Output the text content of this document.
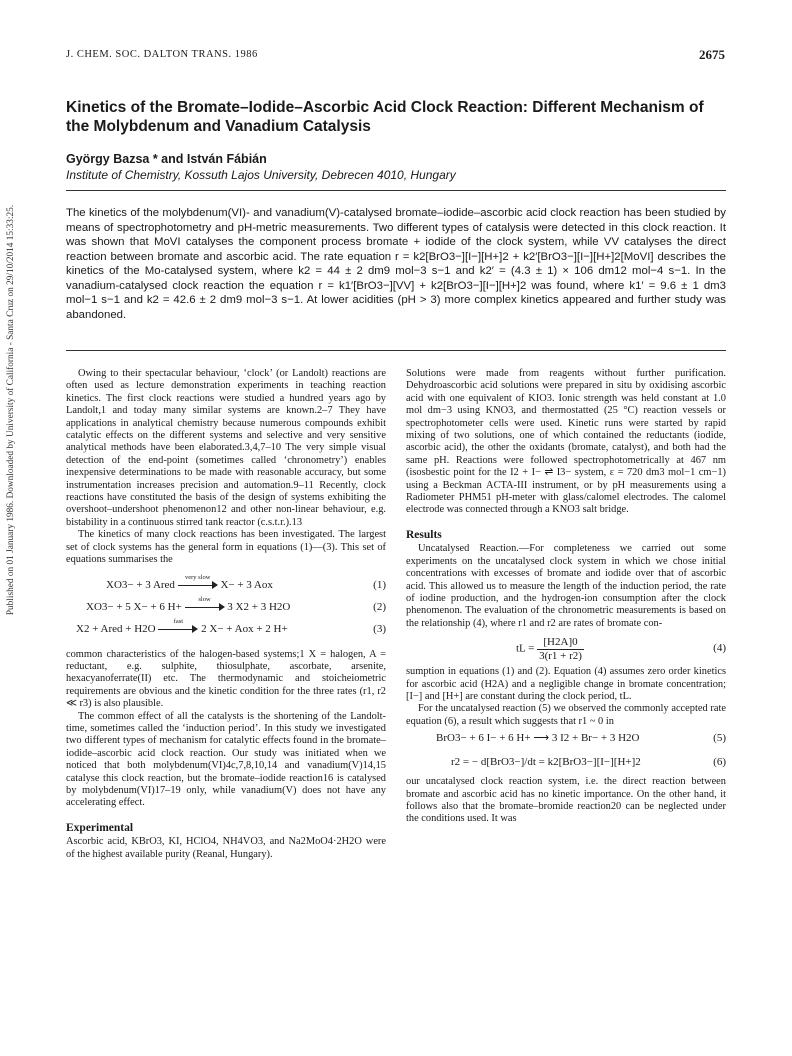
Published on 01 January 1986. Downloaded by University of California - Santa Cruz on 29/10/2014 15:33:25.
J. CHEM. SOC. DALTON TRANS. 1986	2675
Kinetics of the Bromate–Iodide–Ascorbic Acid Clock Reaction: Different Mechanism of the Molybdenum and Vanadium Catalysis
György Bazsa * and István Fábián
Institute of Chemistry, Kossuth Lajos University, Debrecen 4010, Hungary
The kinetics of the molybdenum(VI)- and vanadium(V)-catalysed bromate–iodide–ascorbic acid clock reaction has been studied by means of spectrophotometry and pH-metric measurements. Two different types of catalysis were detected in this clock reaction. It was shown that MoVI catalyses the component process bromate + iodide of the clock system, while VV catalyses the direct reaction between bromate and ascorbic acid. The rate equation r = k2[BrO3−][I−][H+]2 + k2′[BrO3−][I−][H+]2[MoVI] describes the kinetics of the Mo-catalysed system, where k2 = 44 ± 2 dm9 mol−3 s−1 and k2′ = (4.3 ± 1) × 106 dm12 mol−4 s−1. In the vanadium-catalysed clock reaction the equation r = k1′[BrO3−][VV] + k2[BrO3−][I−][H+]2 was found, where k1′ = 9.6 ± 1 dm3 mol−1 s−1 and k2 = 42.6 ± 2 dm9 mol−3 s−1. At lower acidities (pH > 3) more complex kinetics appeared and further study was abandoned.

Owing to their spectacular behaviour, ‘clock’ (or Landolt) reactions are often used as lecture demonstration experiments in teaching reaction kinetics. The first clock reactions were studied a hundred years ago by Landolt,1 and today many similar systems are known.2–7 They have applications in analytical chemistry because numerous compounds exhibit catalytic effects on the different systems and selective and very sensitive analytical methods have been elaborated.3,4,7–10 The very simple visual detection of the end-point (sometimes called ‘chronometry’) enables inexpensive determinations to be made with reasonable accuracy, but some instrumentation increases precision and automation.9–11 Recently, clock reactions have constituted the basis of the design of systems exhibiting the overshoot–undershoot phenomenon12 and other non-linear behaviour, e.g. bistability in a continuous stirred tank reactor (c.s.t.r.).13

The kinetics of many clock reactions has been investigated. The largest set of clock systems has the general form in equations (1)—(3). This set of equations summarises the

XO3− + 3 Ared
very slow
X− + 3 Aox	(1)
XO3− + 5 X− + 6 H+
slow
3 X2 + 3 H2O	(2)
X2 + Ared + H2O
fast
2 X− + Aox + 2 H+	(3)

common characteristics of the halogen-based systems;1 X = halogen, A = reductant, e.g. sulphite, thiosulphate, ascorbate, arsenite, hexacyanoferrate(II) etc. The thermodynamic and stoicheiometric requirements are obvious and the kinetic condition for the three rates (r1, r2 ≪ r3) is also plausible.

The common effect of all the catalysts is the shortening of the Landolt-time, sometimes called the ‘induction period’. In this study we investigated two different types of mechanism for catalytic effects found in the bromate–iodide–ascorbic acid clock reaction. Our study was initiated when we noticed that both molybdenum(VI)4c,7,8,10,14 and vanadium(V)14,15 catalyse this clock reaction, but the bromate–iodide reaction16 is catalysed by molybdenum(VI)17–19 only, while vanadium(V) does not have any accelerating effect.

Experimental

Ascorbic acid, KBrO3, KI, HClO4, NH4VO3, and Na2MoO4·2H2O were of the highest available purity (Reanal, Hungary).

Solutions were made from reagents without further purification. Dehydroascorbic acid solutions were prepared in situ by oxidising ascorbic acid with one equivalent of KIO3. Ionic strength was held constant at 1.0 mol dm−3 using KNO3, and thermostatted (25 °C) reaction vessels or spectrophotometer cells were used. Kinetic runs were started by rapid mixing of two solutions, one of which contained the reductants (iodide, ascorbic acid), the other the oxidants (bromate, catalyst), and both had the same pH. Reactions were followed spectrophotometrically at 467 nm (isosbestic point for the I2 + I− ⇌ I3− system, ε = 720 dm3 mol−1 cm−1) using a Beckman ACTA-III instrument, or by pH measurements using a Radiometer PHM51 pH-meter with glass/calomel electrodes. The calomel electrode was connected through a KNO3 salt bridge.

Results

Uncatalysed Reaction.—For completeness we carried out some experiments on the uncatalysed clock system in which we chose initial concentrations with excesses of bromate and iodide over that of ascorbic acid. This allowed us to measure the length of the induction period, the rate of iodine production, and the hydrogen-ion consumption after the clock phenomenon. The evaluation of the chronometric measurements is based on the relationship (4), where r1 and r2 are rates of bromate con-

tL = $\frac{[H2A]0}{3(r1 + r2)}$	(4)

sumption in equations (1) and (2). Equation (4) assumes zero order kinetics for ascorbic acid (H2A) and a negligible change in bromate concentration; [I−] and [H+] are constant during the clock period, tL.

For the uncatalysed reaction (5) we observed the commonly accepted rate equation (6), a result which suggests that r1 ~ 0 in

BrO3− + 6 I− + 6 H+ ⟶ 3 I2 + Br− + 3 H2O	(5)
r2 = − d[BrO3−]/dt = k2[BrO3−][I−][H+]2	(6)

our uncatalysed clock reaction system, i.e. the direct reaction between bromate and ascorbic acid has no kinetic importance. On the other hand, it follows also that the bromate–bromide reaction20 can be neglected under the conditions used. It was
